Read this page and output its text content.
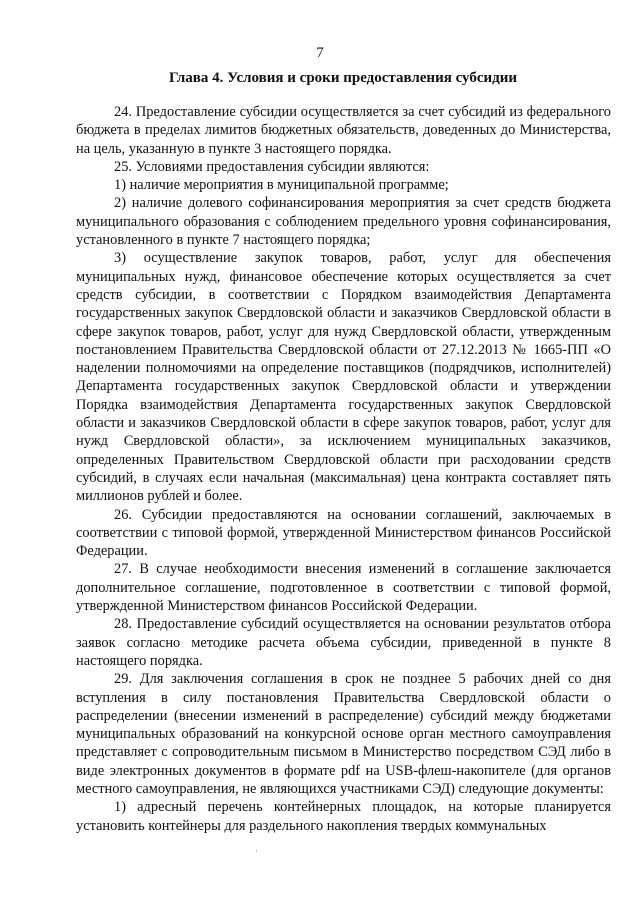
7
Глава 4. Условия и сроки предоставления субсидии

24. Предоставление субсидии осуществляется за счет субсидий из федерального бюджета в пределах лимитов бюджетных обязательств, доведенных до Министерства, на цель, указанную в пункте 3 настоящего порядка.

25. Условиями предоставления субсидии являются:

1) наличие мероприятия в муниципальной программе;

2) наличие долевого софинансирования мероприятия за счет средств бюджета муниципального образования с соблюдением предельного уровня софинансирования, установленного в пункте 7 настоящего порядка;

3) осуществление закупок товаров, работ, услуг для обеспечения муниципальных нужд, финансовое обеспечение которых осуществляется за счет средств субсидии, в соответствии с Порядком взаимодействия Департамента государственных закупок Свердловской области и заказчиков Свердловской области в сфере закупок товаров, работ, услуг для нужд Свердловской области, утвержденным постановлением Правительства Свердловской области от 27.12.2013 № 1665-ПП «О наделении полномочиями на определение поставщиков (подрядчиков, исполнителей) Департамента государственных закупок Свердловской области и утверждении Порядка взаимодействия Департамента государственных закупок Свердловской области и заказчиков Свердловской области в сфере закупок товаров, работ, услуг для нужд Свердловской области», за исключением муниципальных заказчиков, определенных Правительством Свердловской области при расходовании средств субсидий, в случаях если начальная (максимальная) цена контракта составляет пять миллионов рублей и более.

26. Субсидии предоставляются на основании соглашений, заключаемых в соответствии с типовой формой, утвержденной Министерством финансов Российской Федерации.

27. В случае необходимости внесения изменений в соглашение заключается дополнительное соглашение, подготовленное в соответствии с типовой формой, утвержденной Министерством финансов Российской Федерации.

28. Предоставление субсидий осуществляется на основании результатов отбора заявок согласно методике расчета объема субсидии, приведенной в пункте 8 настоящего порядка.

29. Для заключения соглашения в срок не позднее 5 рабочих дней со дня вступления в силу постановления Правительства Свердловской области о распределении (внесении изменений в распределение) субсидий между бюджетами муниципальных образований на конкурсной основе орган местного самоуправления представляет с сопроводительным письмом в Министерство посредством СЭД либо в виде электронных документов в формате pdf на USB-флеш-накопителе (для органов местного самоуправления, не являющихся участниками СЭД) следующие документы:

1) адресный перечень контейнерных площадок, на которые планируется установить контейнеры для раздельного накопления твердых коммунальных

·
